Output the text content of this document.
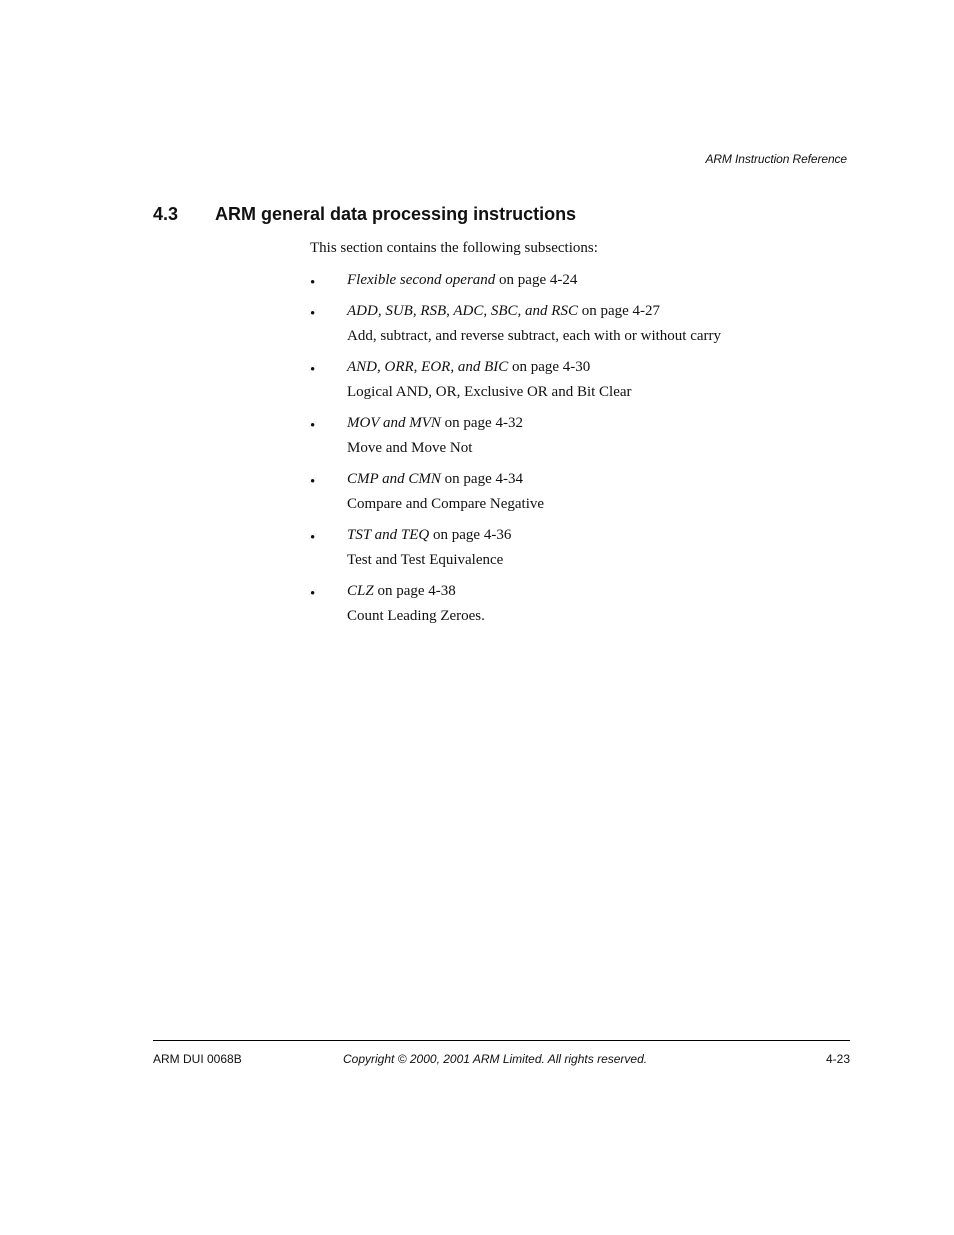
ARM Instruction Reference
4.3	ARM general data processing instructions
This section contains the following subsections:
•	Flexible second operand on page 4-24
•	ADD, SUB, RSB, ADC, SBC, and RSC on page 4-27
Add, subtract, and reverse subtract, each with or without carry
•	AND, ORR, EOR, and BIC on page 4-30
Logical AND, OR, Exclusive OR and Bit Clear
•	MOV and MVN on page 4-32
Move and Move Not
•	CMP and CMN on page 4-34
Compare and Compare Negative
•	TST and TEQ on page 4-36
Test and Test Equivalence
•	CLZ on page 4-38
Count Leading Zeroes.
ARM DUI 0068B	Copyright © 2000, 2001 ARM Limited. All rights reserved.	4-23
